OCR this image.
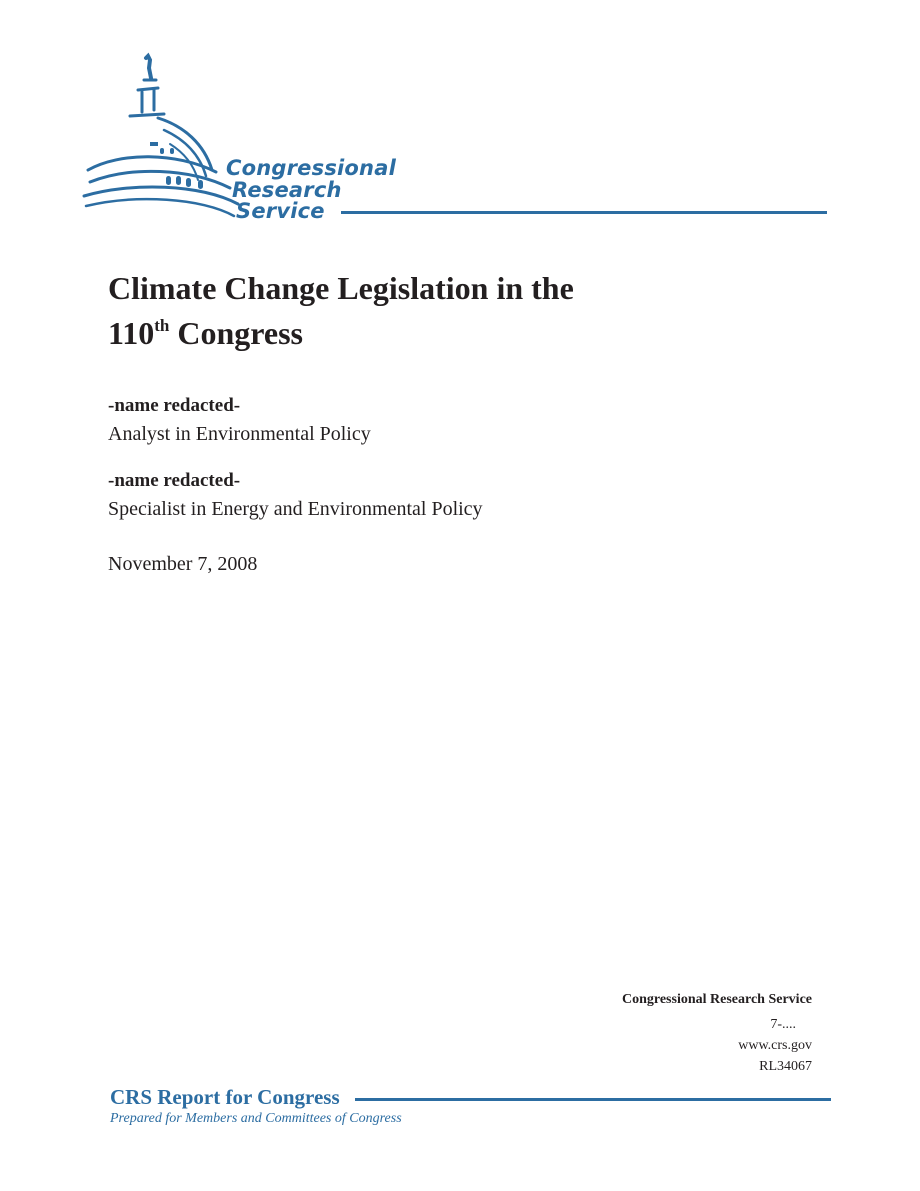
Congressional
Research
Service
Climate Change Legislation in the
110th Congress
-name redacted-
Analyst in Environmental Policy
-name redacted-
Specialist in Energy and Environmental Policy
November 7, 2008
Congressional Research Service
7-....
www.crs.gov
RL34067
CRS Report for Congress
Prepared for Members and Committees of Congress
